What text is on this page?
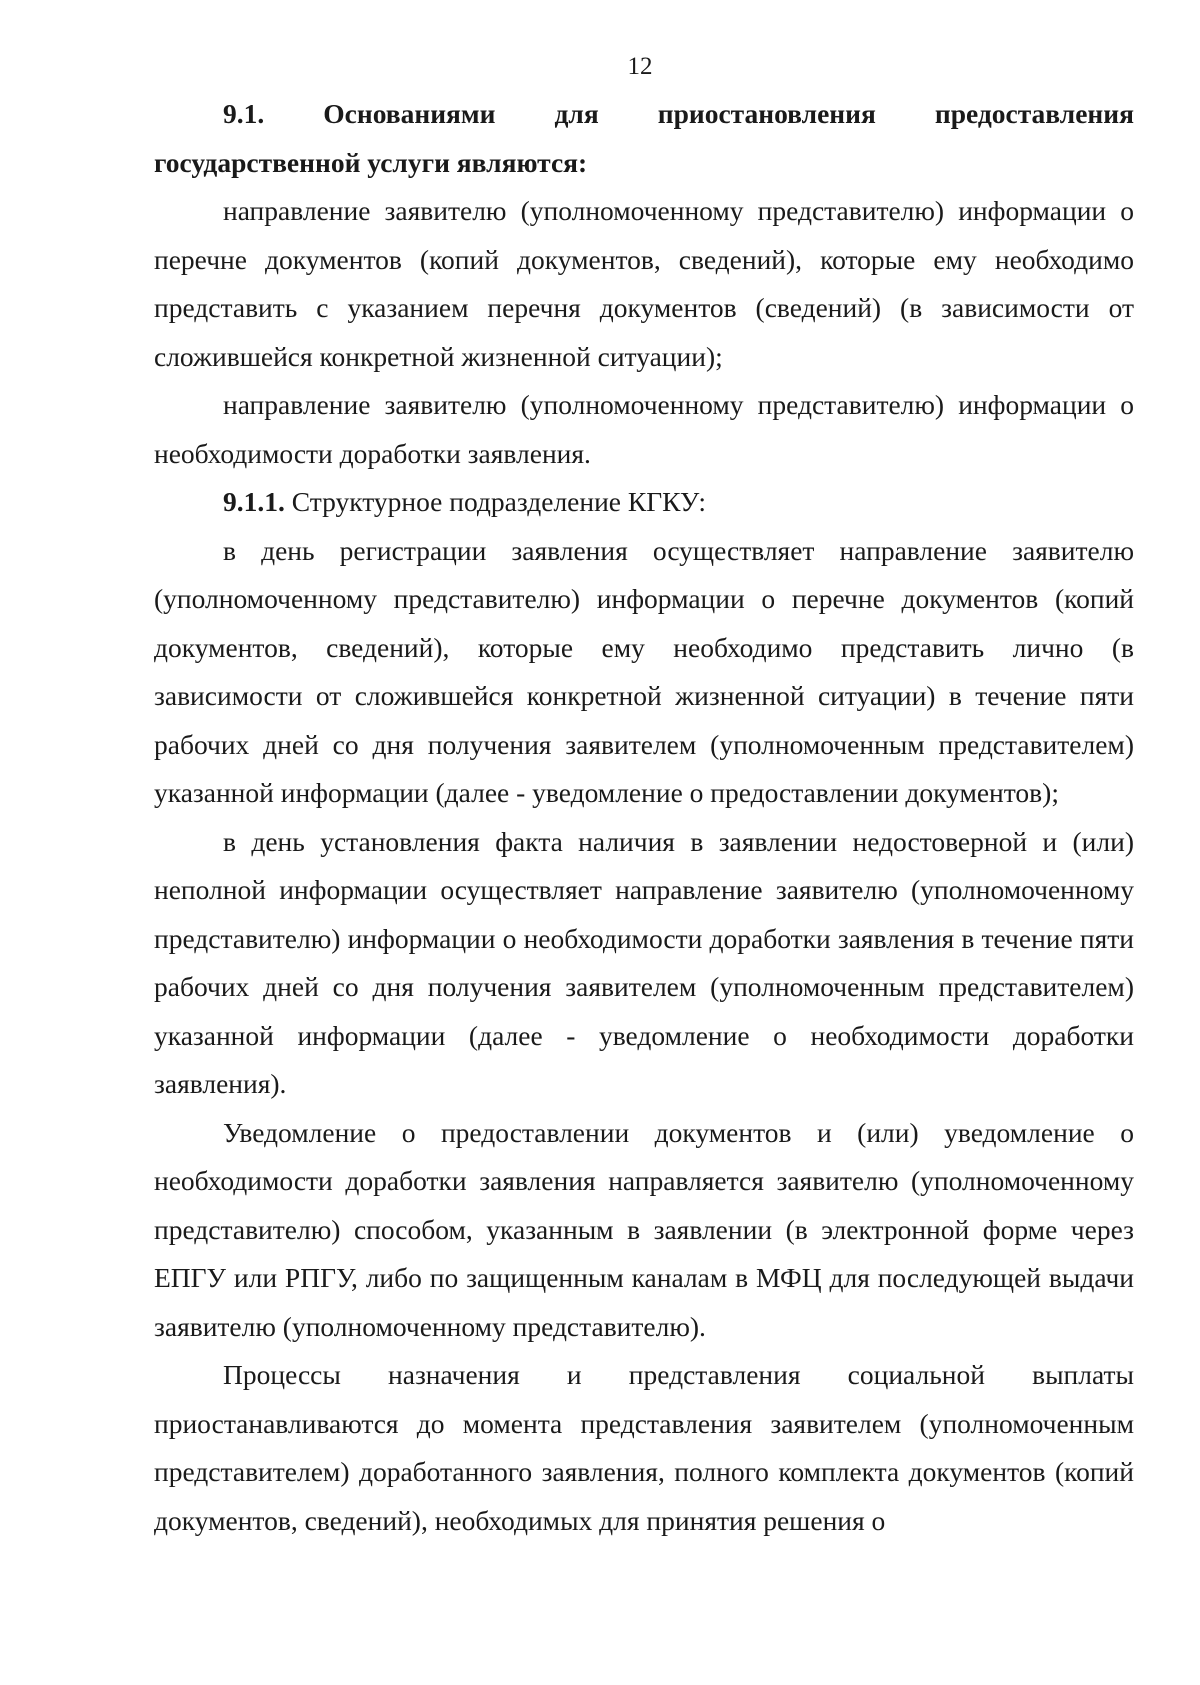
12

9.1. Основаниями для приостановления предоставления государственной услуги являются:

направление заявителю (уполномоченному представителю) информации о перечне документов (копий документов, сведений), которые ему необходимо представить с указанием перечня документов (сведений) (в зависимости от сложившейся конкретной жизненной ситуации);

направление заявителю (уполномоченному представителю) информации о необходимости доработки заявления.

9.1.1. Структурное подразделение КГКУ:

в день регистрации заявления осуществляет направление заявителю (уполномоченному представителю) информации о перечне документов (копий документов, сведений), которые ему необходимо представить лично (в зависимости от сложившейся конкретной жизненной ситуации) в течение пяти рабочих дней со дня получения заявителем (уполномоченным представителем) указанной информации (далее - уведомление о предоставлении документов);

в день установления факта наличия в заявлении недостоверной и (или) неполной информации осуществляет направление заявителю (уполномоченному представителю) информации о необходимости доработки заявления в течение пяти рабочих дней со дня получения заявителем (уполномоченным представителем) указанной информации (далее - уведомление о необходимости доработки заявления).

Уведомление о предоставлении документов и (или) уведомление о необходимости доработки заявления направляется заявителю (уполномоченному представителю) способом, указанным в заявлении (в электронной форме через ЕПГУ или РПГУ, либо по защищенным каналам в МФЦ для последующей выдачи заявителю (уполномоченному представителю).

Процессы назначения и представления социальной выплаты приостанавливаются до момента представления заявителем (уполномоченным представителем) доработанного заявления, полного комплекта документов (копий документов, сведений), необходимых для принятия решения о
